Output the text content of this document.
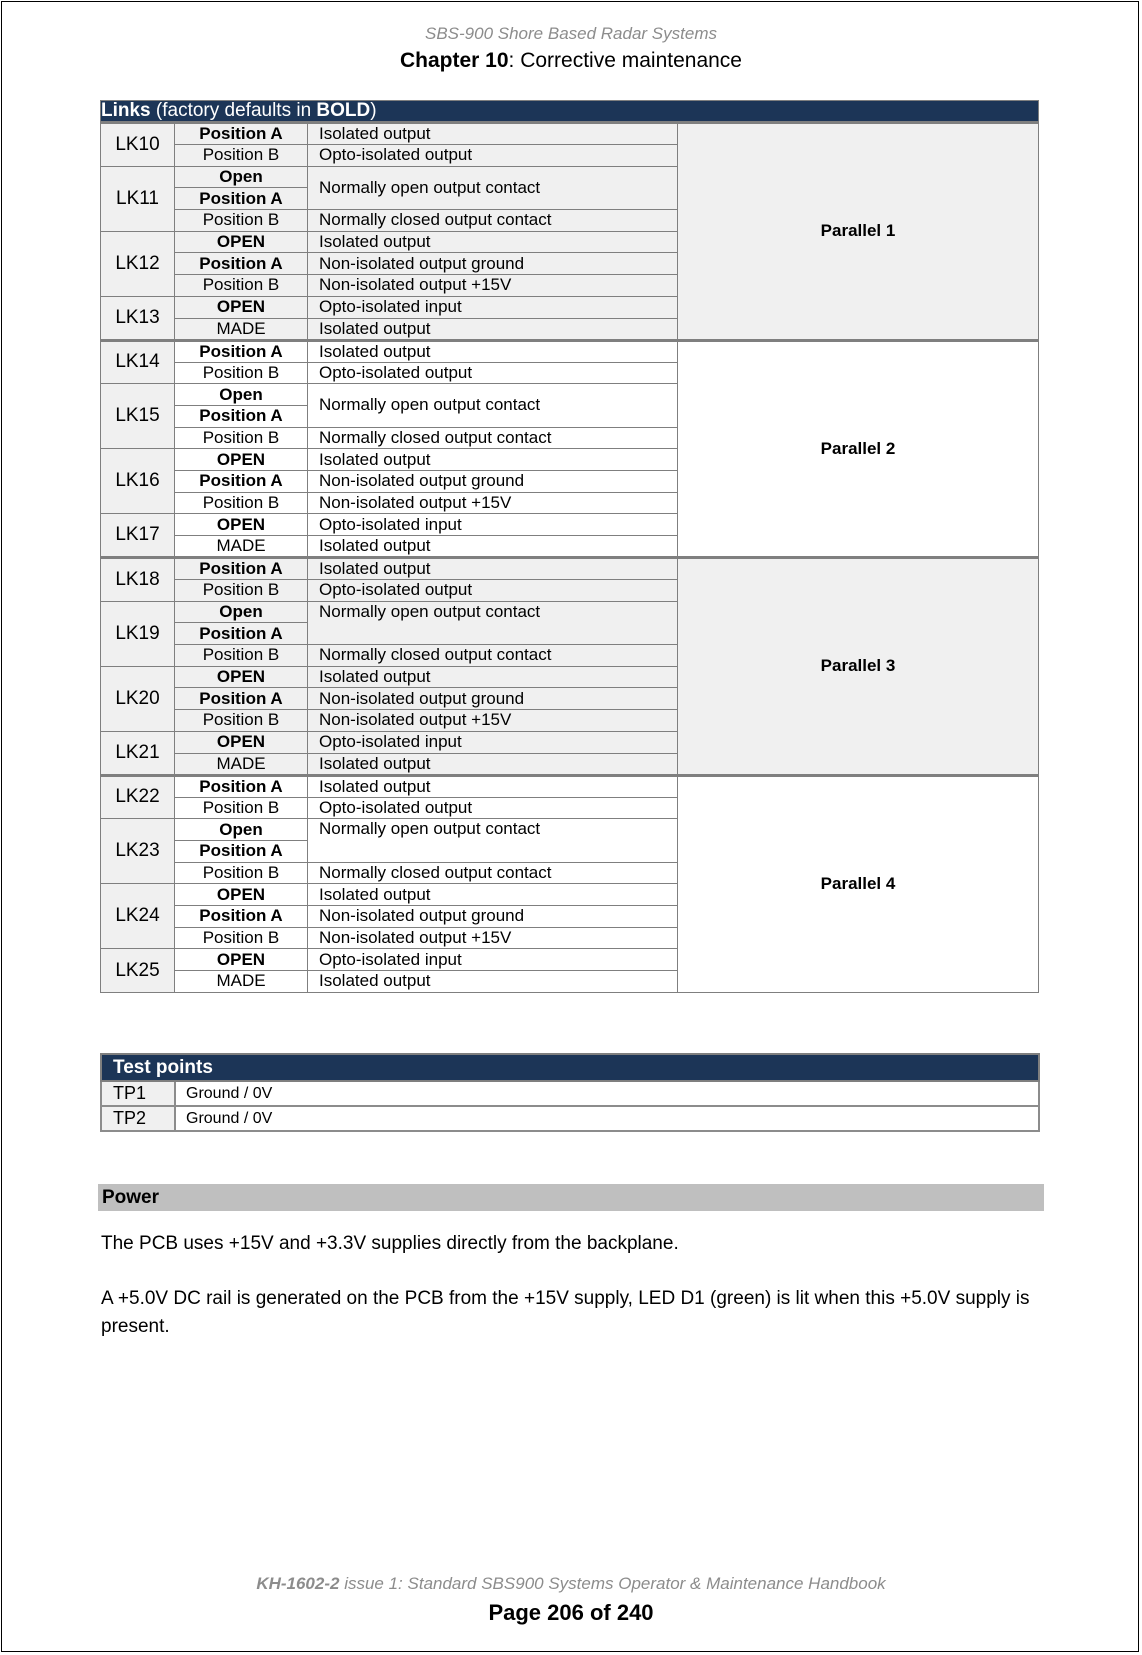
SBS-900 Shore Based Radar Systems
Chapter 10: Corrective maintenance
Links (factory defaults in BOLD)			
LK10	Position A	Isolated output	Parallel 1
	Position B	Opto-isolated output	
LK11	Open	Normally open output contact	
	Position A		
	Position B	Normally closed output contact	
LK12	OPEN	Isolated output	
	Position A	Non-isolated output ground	
	Position B	Non-isolated output +15V	
LK13	OPEN	Opto-isolated input	
	MADE	Isolated output	
LK14	Position A	Isolated output	Parallel 2
	Position B	Opto-isolated output	
LK15	Open	Normally open output contact	
	Position A		
	Position B	Normally closed output contact	
LK16	OPEN	Isolated output	
	Position A	Non-isolated output ground	
	Position B	Non-isolated output +15V	
LK17	OPEN	Opto-isolated input	
	MADE	Isolated output	
LK18	Position A	Isolated output	Parallel 3
	Position B	Opto-isolated output	
LK19	Open	Normally open output contact	
	Position A		
	Position B	Normally closed output contact	
LK20	OPEN	Isolated output	
	Position A	Non-isolated output ground	
	Position B	Non-isolated output +15V	
LK21	OPEN	Opto-isolated input	
	MADE	Isolated output	
LK22	Position A	Isolated output	Parallel 4
	Position B	Opto-isolated output	
LK23	Open	Normally open output contact	
	Position A		
	Position B	Normally closed output contact	
LK24	OPEN	Isolated output	
	Position A	Non-isolated output ground	
	Position B	Non-isolated output +15V	
LK25	OPEN	Opto-isolated input	
	MADE	Isolated output	
Test points	
TP1	Ground / 0V
TP2	Ground / 0V
Power
The PCB uses +15V and +3.3V supplies directly from the backplane.
A +5.0V DC rail is generated on the PCB from the +15V supply, LED D1 (green) is lit when this +5.0V supply is present.
KH-1602-2 issue 1: Standard SBS900 Systems Operator & Maintenance Handbook
Page 206 of 240
